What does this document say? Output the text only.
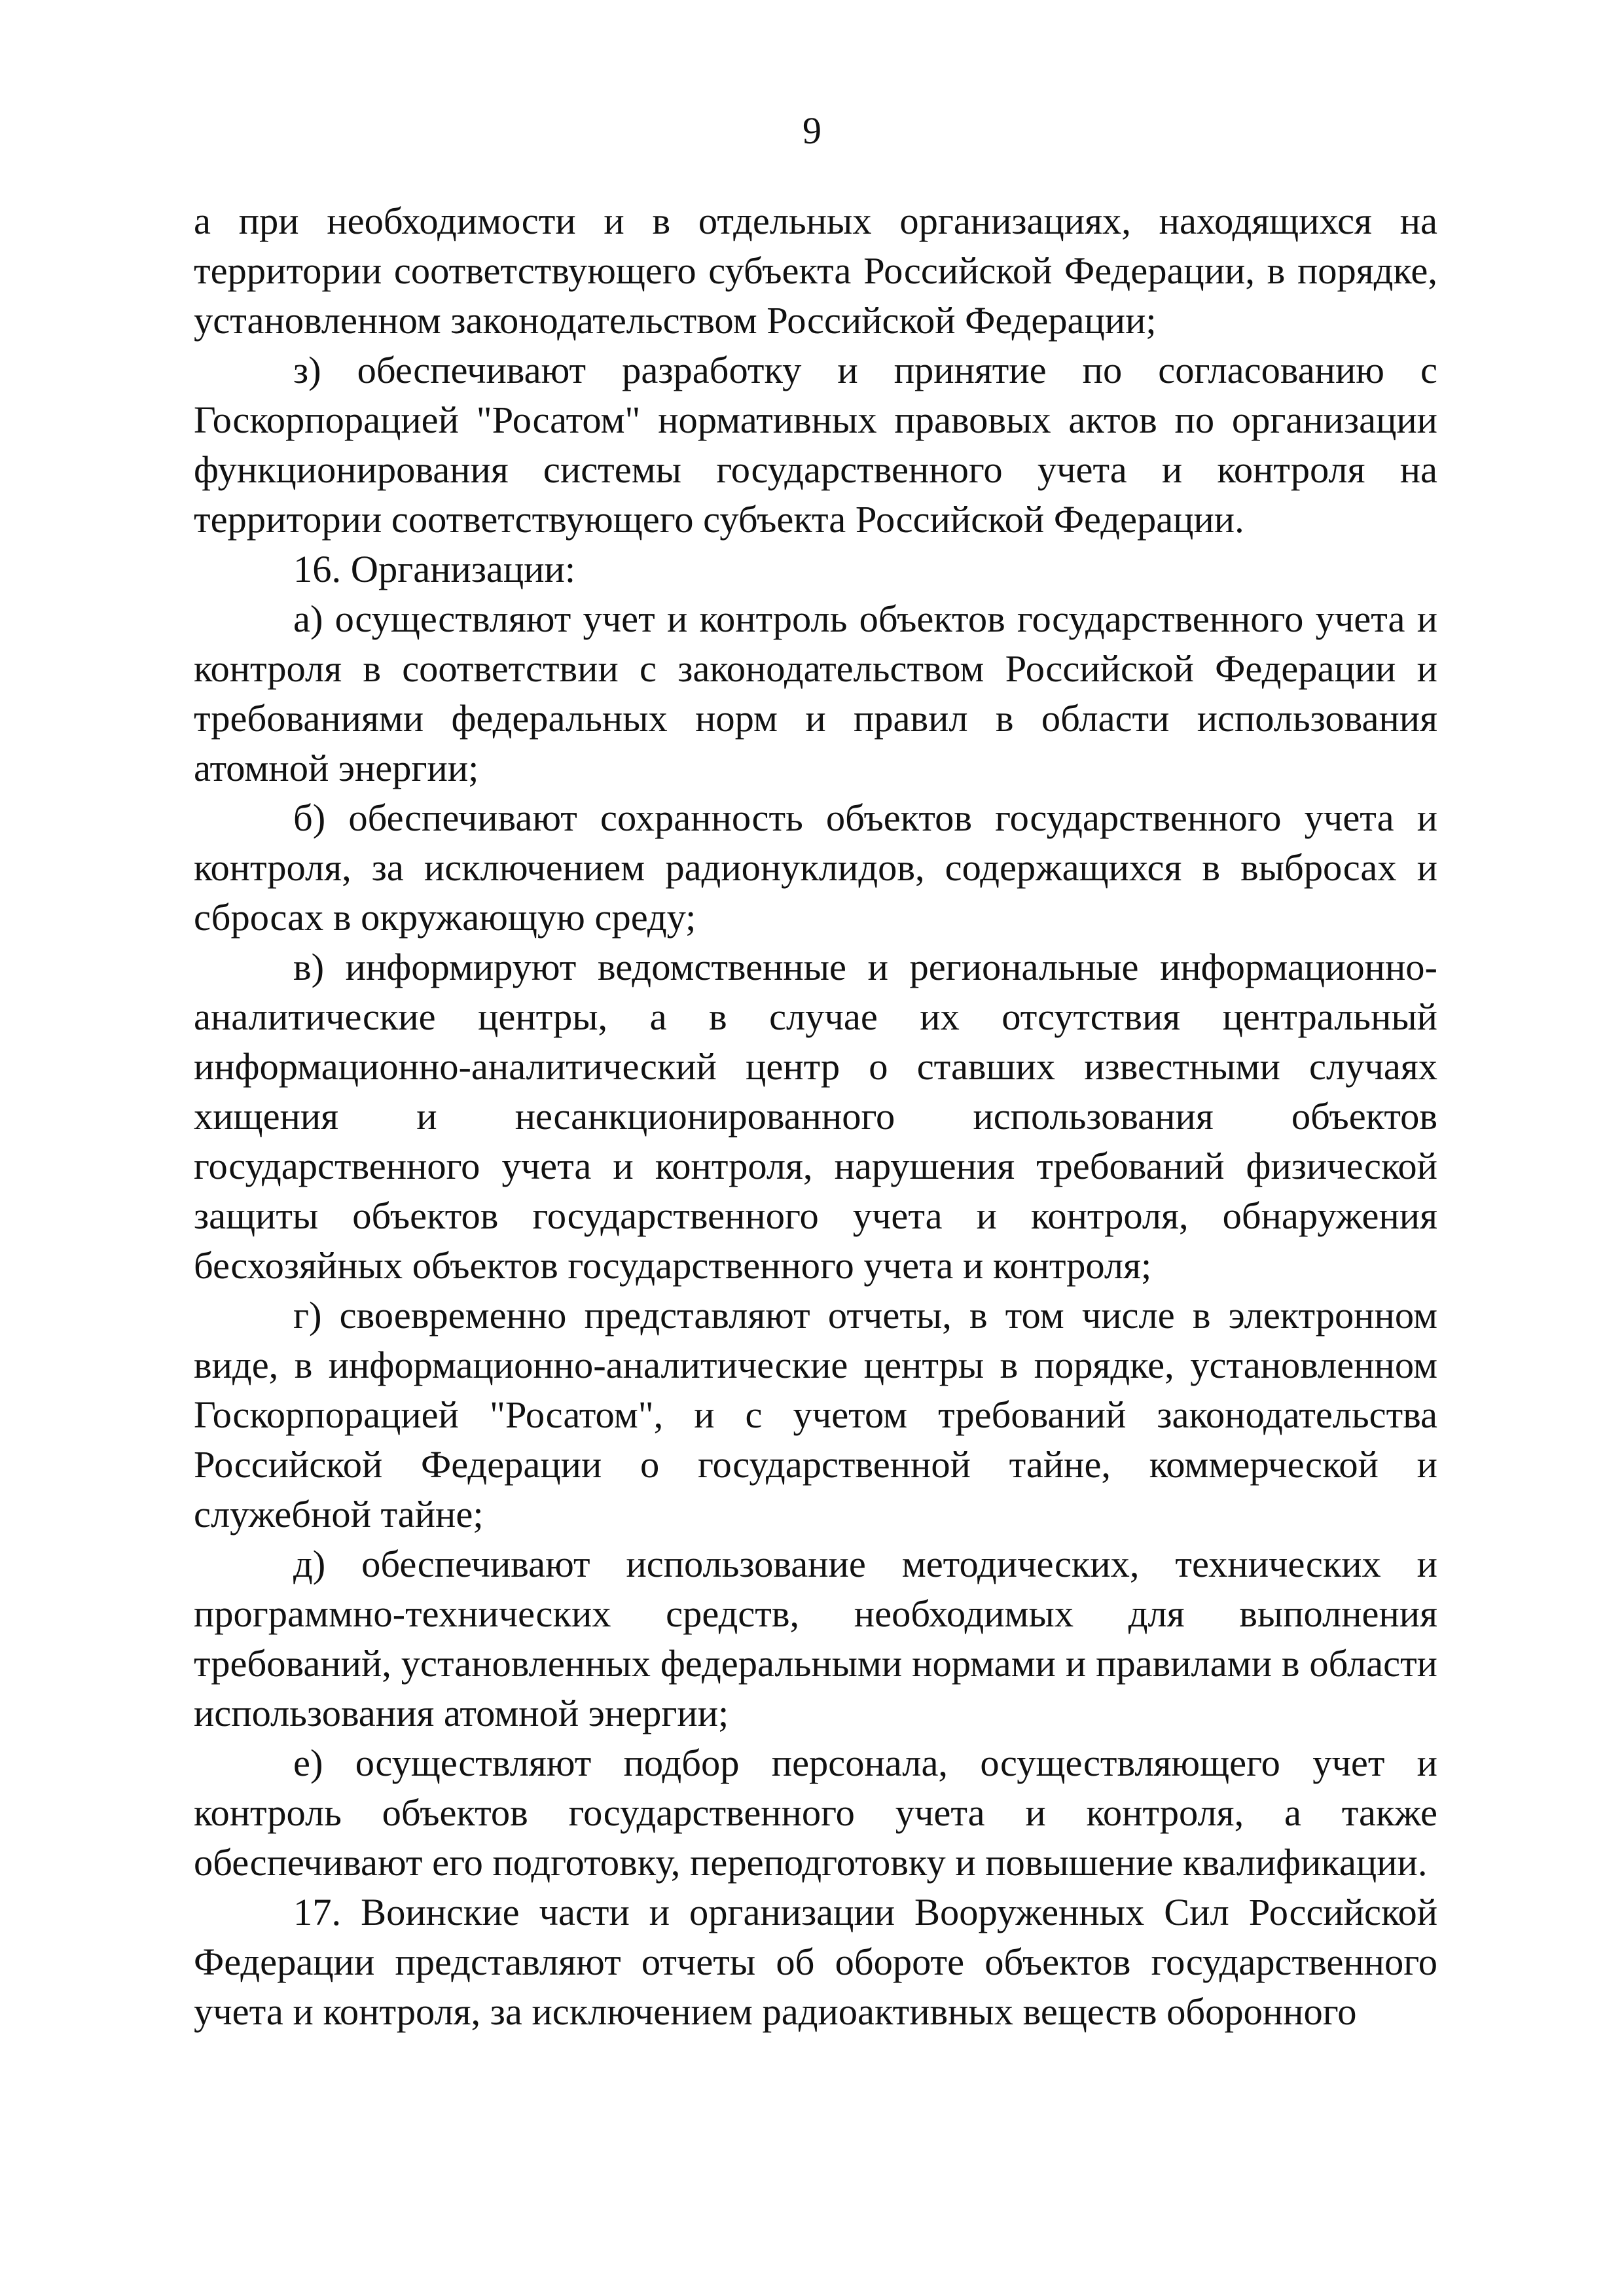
9

а при необходимости и в отдельных организациях, находящихся на территории соответствующего субъекта Российской Федерации, в порядке, установленном законодательством Российской Федерации;

з) обеспечивают разработку и принятие по согласованию с Госкорпорацией "Росатом" нормативных правовых актов по организации функционирования системы государственного учета и контроля на территории соответствующего субъекта Российской Федерации.

16. Организации:

а) осуществляют учет и контроль объектов государственного учета и контроля в соответствии с законодательством Российской Федерации и требованиями федеральных норм и правил в области использования атомной энергии;

б) обеспечивают сохранность объектов государственного учета и контроля, за исключением радионуклидов, содержащихся в выбросах и сбросах в окружающую среду;

в) информируют ведомственные и региональные информационно-аналитические центры, а в случае их отсутствия центральный информационно-аналитический центр о ставших известными случаях хищения и несанкционированного использования объектов государственного учета и контроля, нарушения требований физической защиты объектов государственного учета и контроля, обнаружения бесхозяйных объектов государственного учета и контроля;

г) своевременно представляют отчеты, в том числе в электронном виде, в информационно-аналитические центры в порядке, установленном Госкорпорацией "Росатом", и с учетом требований законодательства Российской Федерации о государственной тайне, коммерческой и служебной тайне;

д) обеспечивают использование методических, технических и программно-технических средств, необходимых для выполнения требований, установленных федеральными нормами и правилами в области использования атомной энергии;

е) осуществляют подбор персонала, осуществляющего учет и контроль объектов государственного учета и контроля, а также обеспечивают его подготовку, переподготовку и повышение квалификации.

17. Воинские части и организации Вооруженных Сил Российской Федерации представляют отчеты об обороте объектов государственного учета и контроля, за исключением радиоактивных веществ оборонного
